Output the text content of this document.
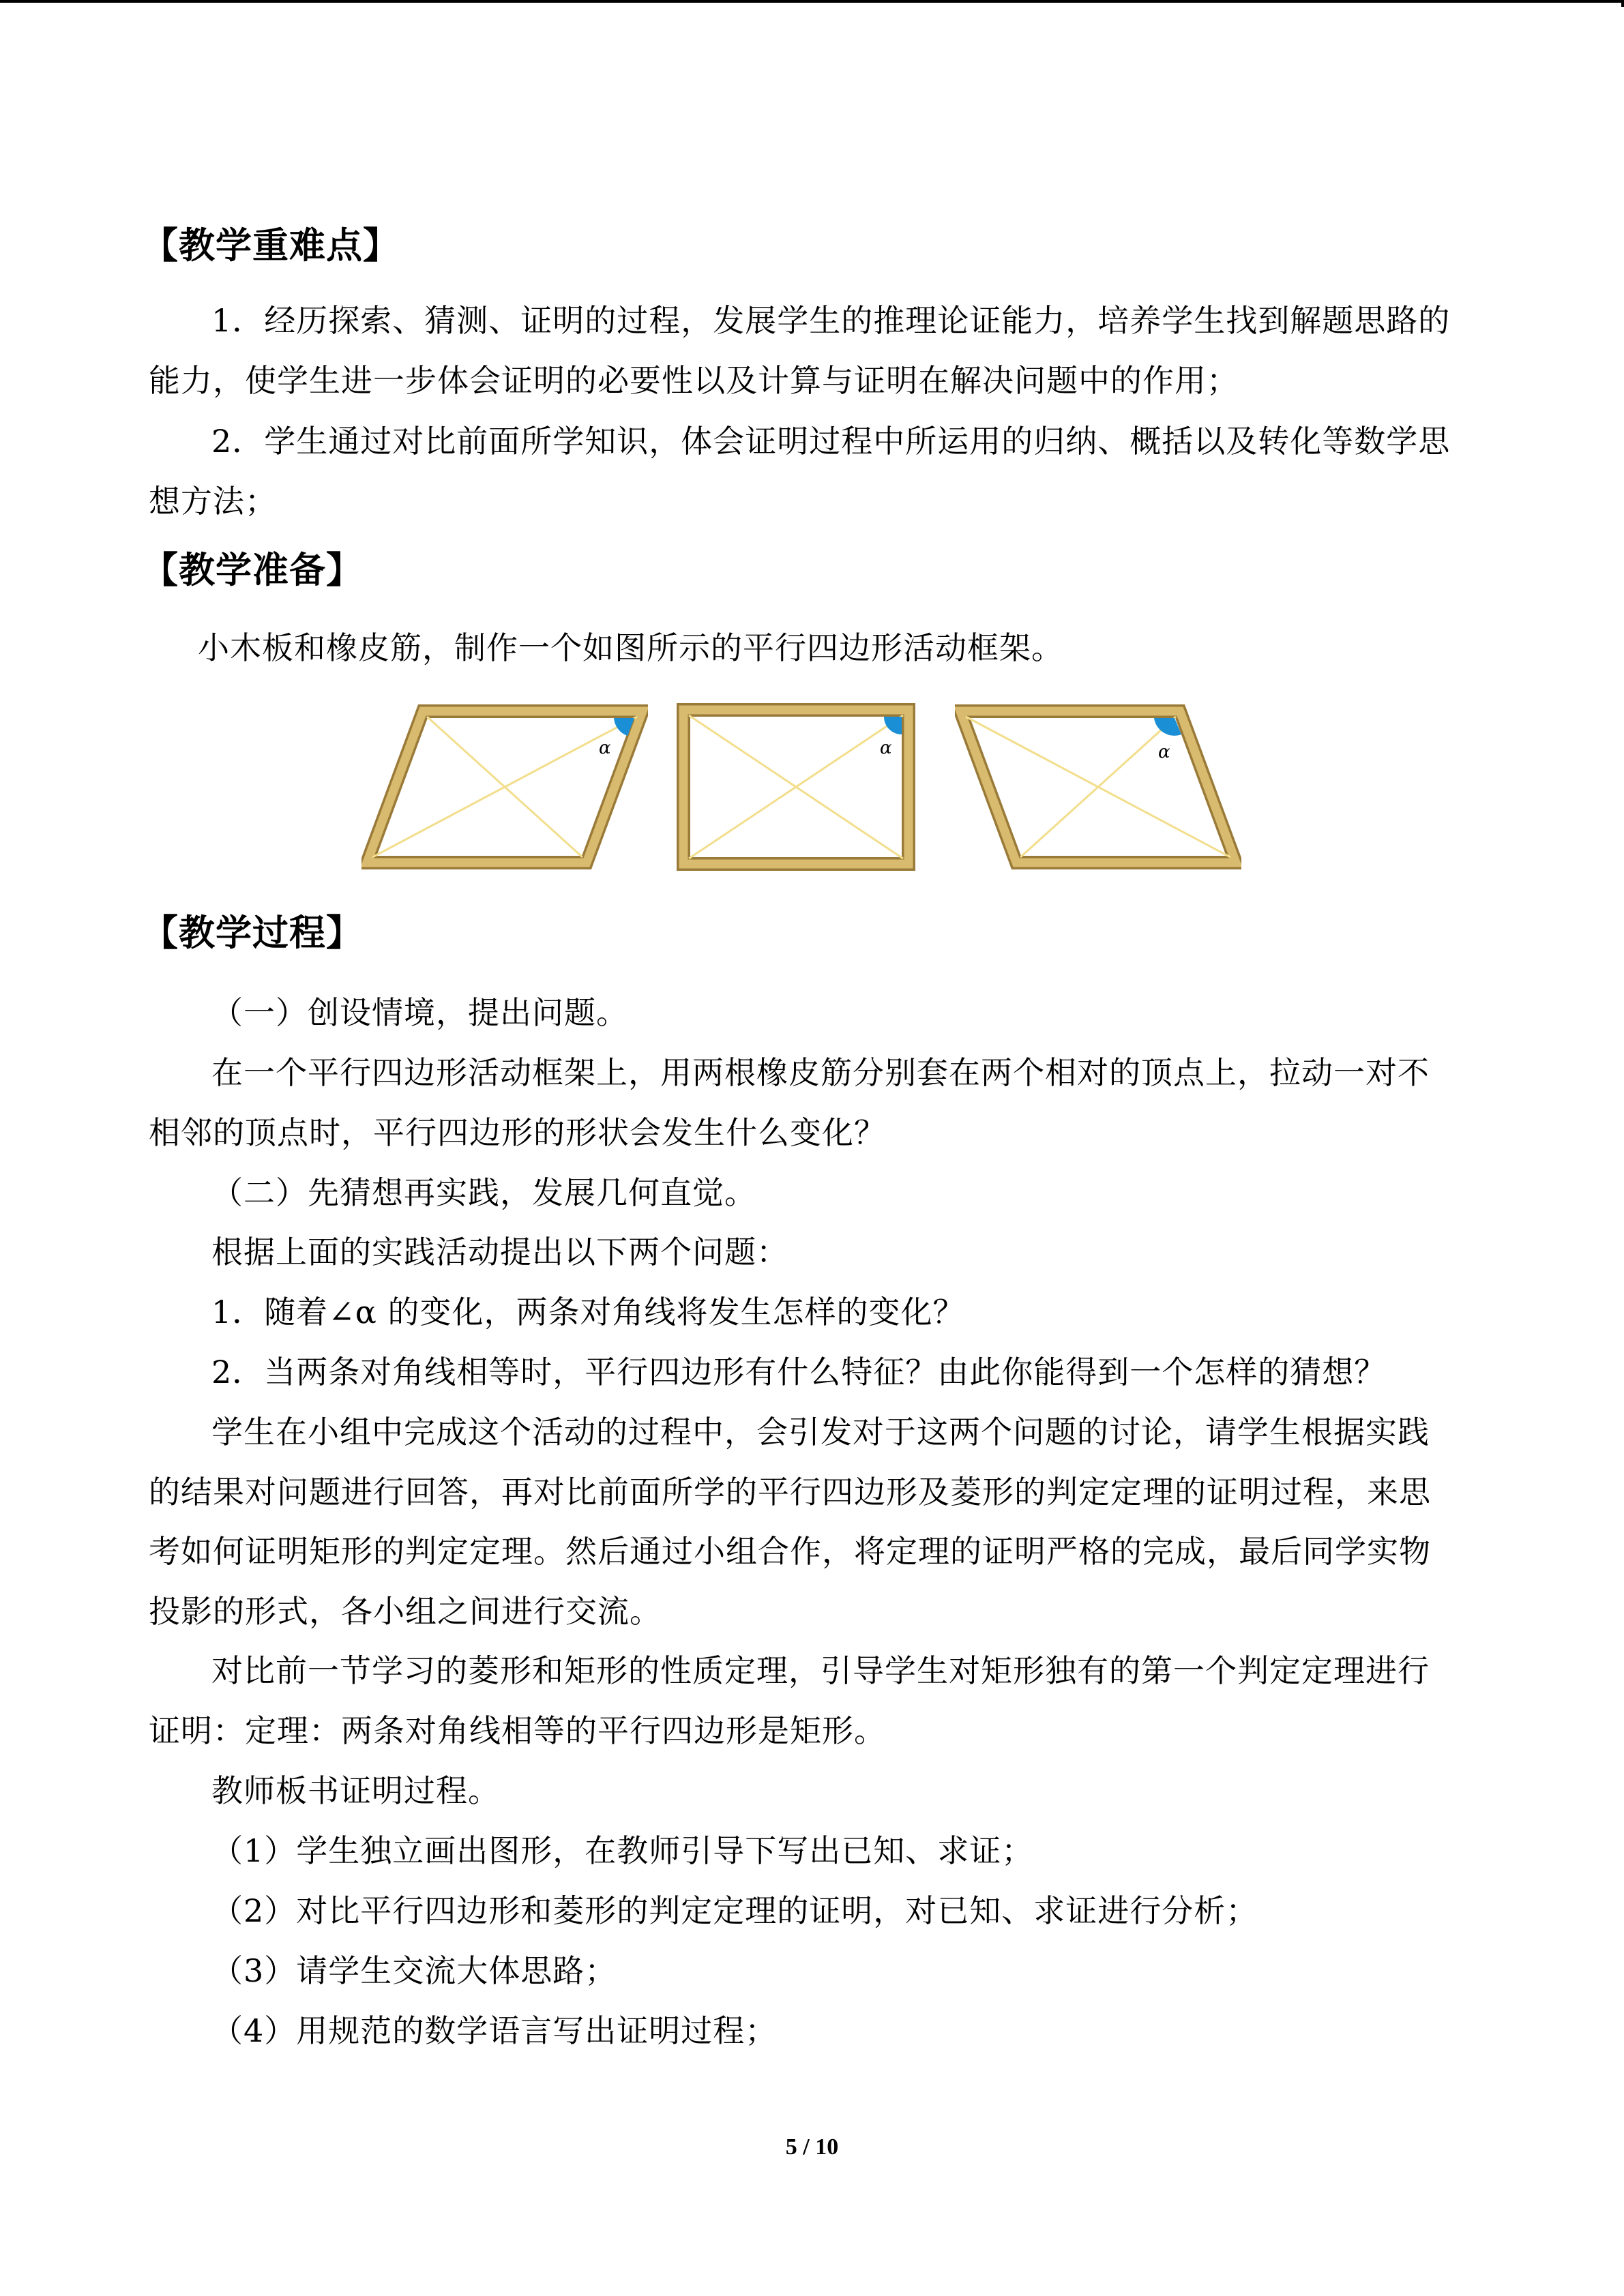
【教学重难点】
1．经历探索、猜测、证明的过程，发展学生的推理论证能力，培养学生找到解题思路的
能力，使学生进一步体会证明的必要性以及计算与证明在解决问题中的作用；
2．学生通过对比前面所学知识，体会证明过程中所运用的归纳、概括以及转化等数学思
想方法；
【教学准备】
小木板和橡皮筋，制作一个如图所示的平行四边形活动框架。
α	α	α
【教学过程】
（一）创设情境，提出问题。
在一个平行四边形活动框架上，用两根橡皮筋分别套在两个相对的顶点上，拉动一对不
相邻的顶点时，平行四边形的形状会发生什么变化？
（二）先猜想再实践，发展几何直觉。
根据上面的实践活动提出以下两个问题：
1．随着∠α 的变化，两条对角线将发生怎样的变化？
2．当两条对角线相等时，平行四边形有什么特征？由此你能得到一个怎样的猜想？
学生在小组中完成这个活动的过程中，会引发对于这两个问题的讨论，请学生根据实践
的结果对问题进行回答，再对比前面所学的平行四边形及菱形的判定定理的证明过程，来思
考如何证明矩形的判定定理。然后通过小组合作，将定理的证明严格的完成，最后同学实物
投影的形式，各小组之间进行交流。
对比前一节学习的菱形和矩形的性质定理，引导学生对矩形独有的第一个判定定理进行
证明：定理：两条对角线相等的平行四边形是矩形。
教师板书证明过程。
（1）学生独立画出图形，在教师引导下写出已知、求证；
（2）对比平行四边形和菱形的判定定理的证明，对已知、求证进行分析；
（3）请学生交流大体思路；
（4）用规范的数学语言写出证明过程；
5 / 10
